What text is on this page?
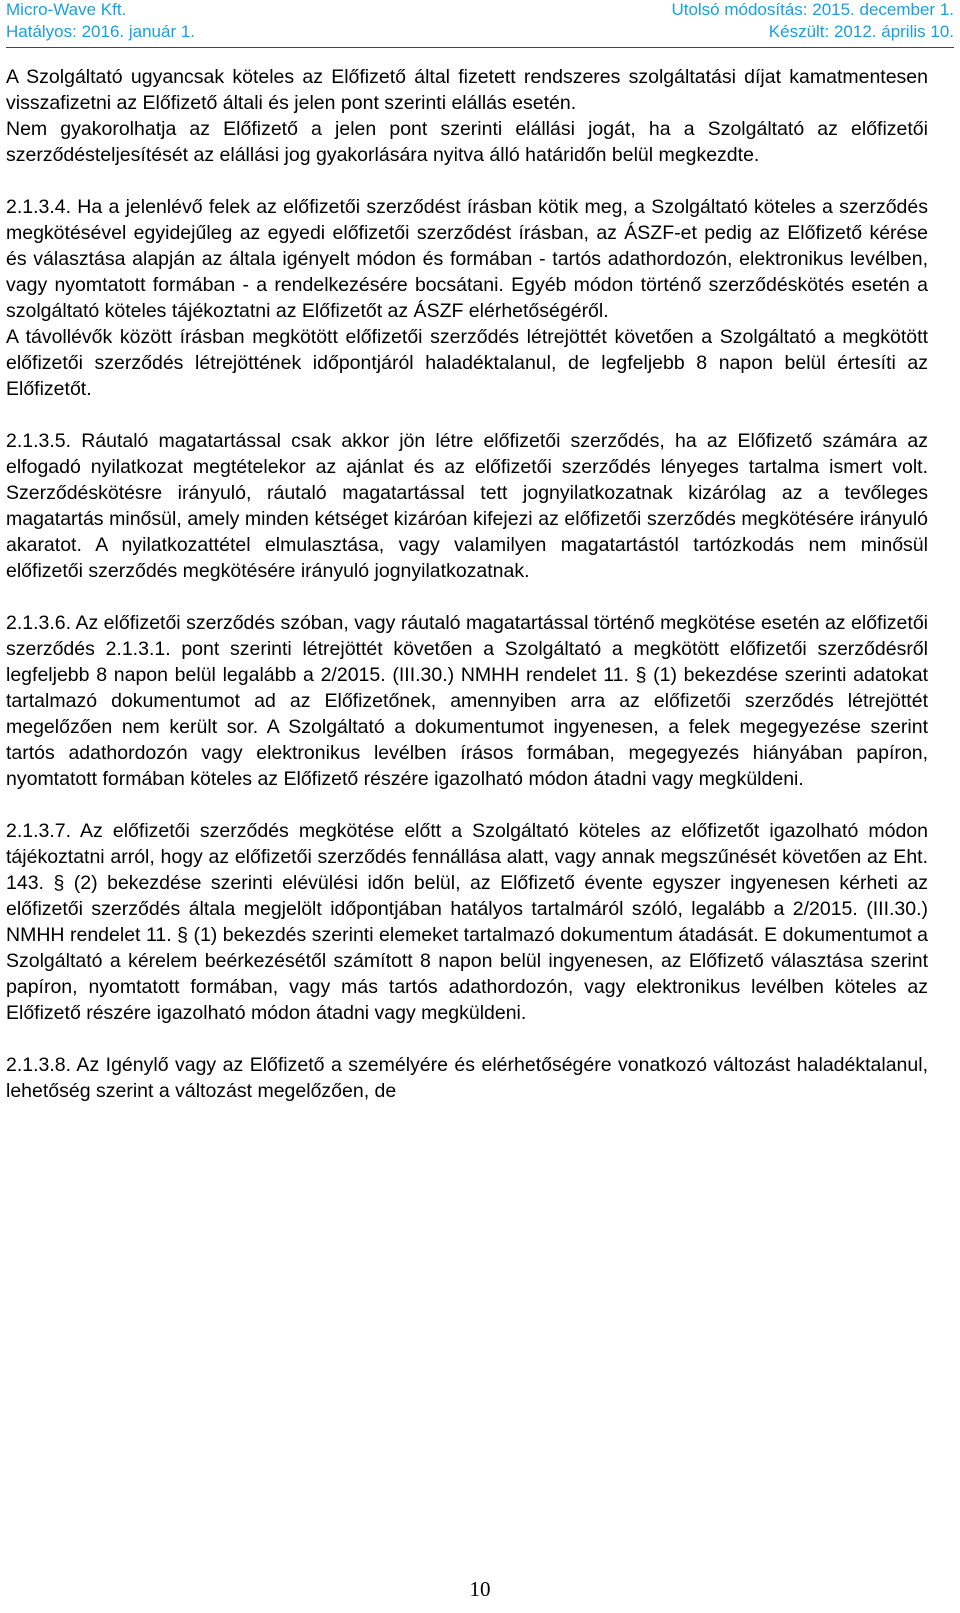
Micro-Wave Kft.	Utolsó módosítás: 2015. december 1.
Hatályos: 2016. január 1.	Készült: 2012. április 10.

A Szolgáltató ugyancsak köteles az Előfizető által fizetett rendszeres szolgáltatási díjat kamatmentesen visszafizetni az Előfizető általi és jelen pont szerinti elállás esetén.

Nem gyakorolhatja az Előfizető a jelen pont szerinti elállási jogát, ha a Szolgáltató az előfizetői szerződésteljesítését az elállási jog gyakorlására nyitva álló határidőn belül megkezdte.

2.1.3.4. Ha a jelenlévő felek az előfizetői szerződést írásban kötik meg, a Szolgáltató köteles a szerződés megkötésével egyidejűleg az egyedi előfizetői szerződést írásban, az ÁSZF-et pedig az Előfizető kérése és választása alapján az általa igényelt módon és formában - tartós adathordozón, elektronikus levélben, vagy nyomtatott formában - a rendelkezésére bocsátani. Egyéb módon történő szerződéskötés esetén a szolgáltató köteles tájékoztatni az Előfizetőt az ÁSZF elérhetőségéről.

A távollévők között írásban megkötött előfizetői szerződés létrejöttét követően a Szolgáltató a megkötött előfizetői szerződés létrejöttének időpontjáról haladéktalanul, de legfeljebb 8 napon belül értesíti az Előfizetőt.

2.1.3.5. Ráutaló magatartással csak akkor jön létre előfizetői szerződés, ha az Előfizető számára az elfogadó nyilatkozat megtételekor az ajánlat és az előfizetői szerződés lényeges tartalma ismert volt. Szerződéskötésre irányuló, ráutaló magatartással tett jognyilatkozatnak kizárólag az a tevőleges magatartás minősül, amely minden kétséget kizáróan kifejezi az előfizetői szerződés megkötésére irányuló akaratot. A nyilatkozattétel elmulasztása, vagy valamilyen magatartástól tartózkodás nem minősül előfizetői szerződés megkötésére irányuló jognyilatkozatnak.

2.1.3.6. Az előfizetői szerződés szóban, vagy ráutaló magatartással történő megkötése esetén az előfizetői szerződés 2.1.3.1. pont szerinti létrejöttét követően a Szolgáltató a megkötött előfizetői szerződésről legfeljebb 8 napon belül legalább a 2/2015. (III.30.) NMHH rendelet 11. § (1) bekezdése szerinti adatokat tartalmazó dokumentumot ad az Előfizetőnek, amennyiben arra az előfizetői szerződés létrejöttét megelőzően nem került sor. A Szolgáltató a dokumentumot ingyenesen, a felek megegyezése szerint tartós adathordozón vagy elektronikus levélben írásos formában, megegyezés hiányában papíron, nyomtatott formában köteles az Előfizető részére igazolható módon átadni vagy megküldeni.

2.1.3.7. Az előfizetői szerződés megkötése előtt a Szolgáltató köteles az előfizetőt igazolható módon tájékoztatni arról, hogy az előfizetői szerződés fennállása alatt, vagy annak megszűnését követően az Eht. 143. § (2) bekezdése szerinti elévülési időn belül, az Előfizető évente egyszer ingyenesen kérheti az előfizetői szerződés általa megjelölt időpontjában hatályos tartalmáról szóló, legalább a 2/2015. (III.30.) NMHH rendelet 11. § (1) bekezdés szerinti elemeket tartalmazó dokumentum átadását. E dokumentumot a Szolgáltató a kérelem beérkezésétől számított 8 napon belül ingyenesen, az Előfizető választása szerint papíron, nyomtatott formában, vagy más tartós adathordozón, vagy elektronikus levélben köteles az Előfizető részére igazolható módon átadni vagy megküldeni.

2.1.3.8. Az Igénylő vagy az Előfizető a személyére és elérhetőségére vonatkozó változást haladéktalanul, lehetőség szerint a változást megelőzően, de

10
